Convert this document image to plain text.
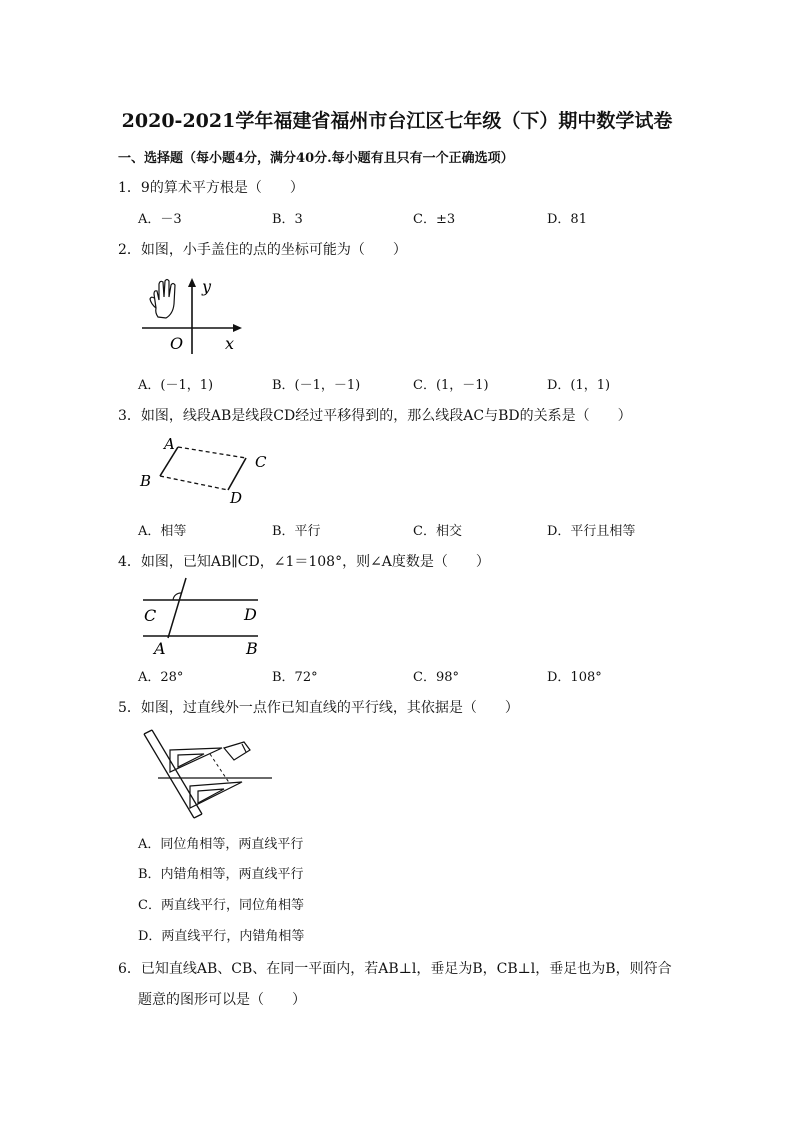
2020-2021学年福建省福州市台江区七年级（下）期中数学试卷
一、选择题（每小题4分，满分40分.每小题有且只有一个正确选项）
1．9的算术平方根是（　　）
A．－3	B．3	C．±3	D．81
2．如图，小手盖住的点的坐标可能为（　　）
y
x
O
A．(－1，1)	B．(－1，－1)	C．(1，－1)	D．(1，1)
3．如图，线段AB是线段CD经过平移得到的，那么线段AC与BD的关系是（　　）
A
B
C
D
A．相等	B．平行	C．相交	D．平行且相等
4．如图，已知AB∥CD，∠1＝108°，则∠A度数是（　　）
C	D
A	B
A．28°	B．72°	C．98°	D．108°
5．如图，过直线外一点作已知直线的平行线，其依据是（　　）
A．同位角相等，两直线平行
B．内错角相等，两直线平行
C．两直线平行，同位角相等
D．两直线平行，内错角相等
6．已知直线AB、CB、在同一平面内，若AB⊥l，垂足为B，CB⊥l，垂足也为B，则符合
题意的图形可以是（　　）
